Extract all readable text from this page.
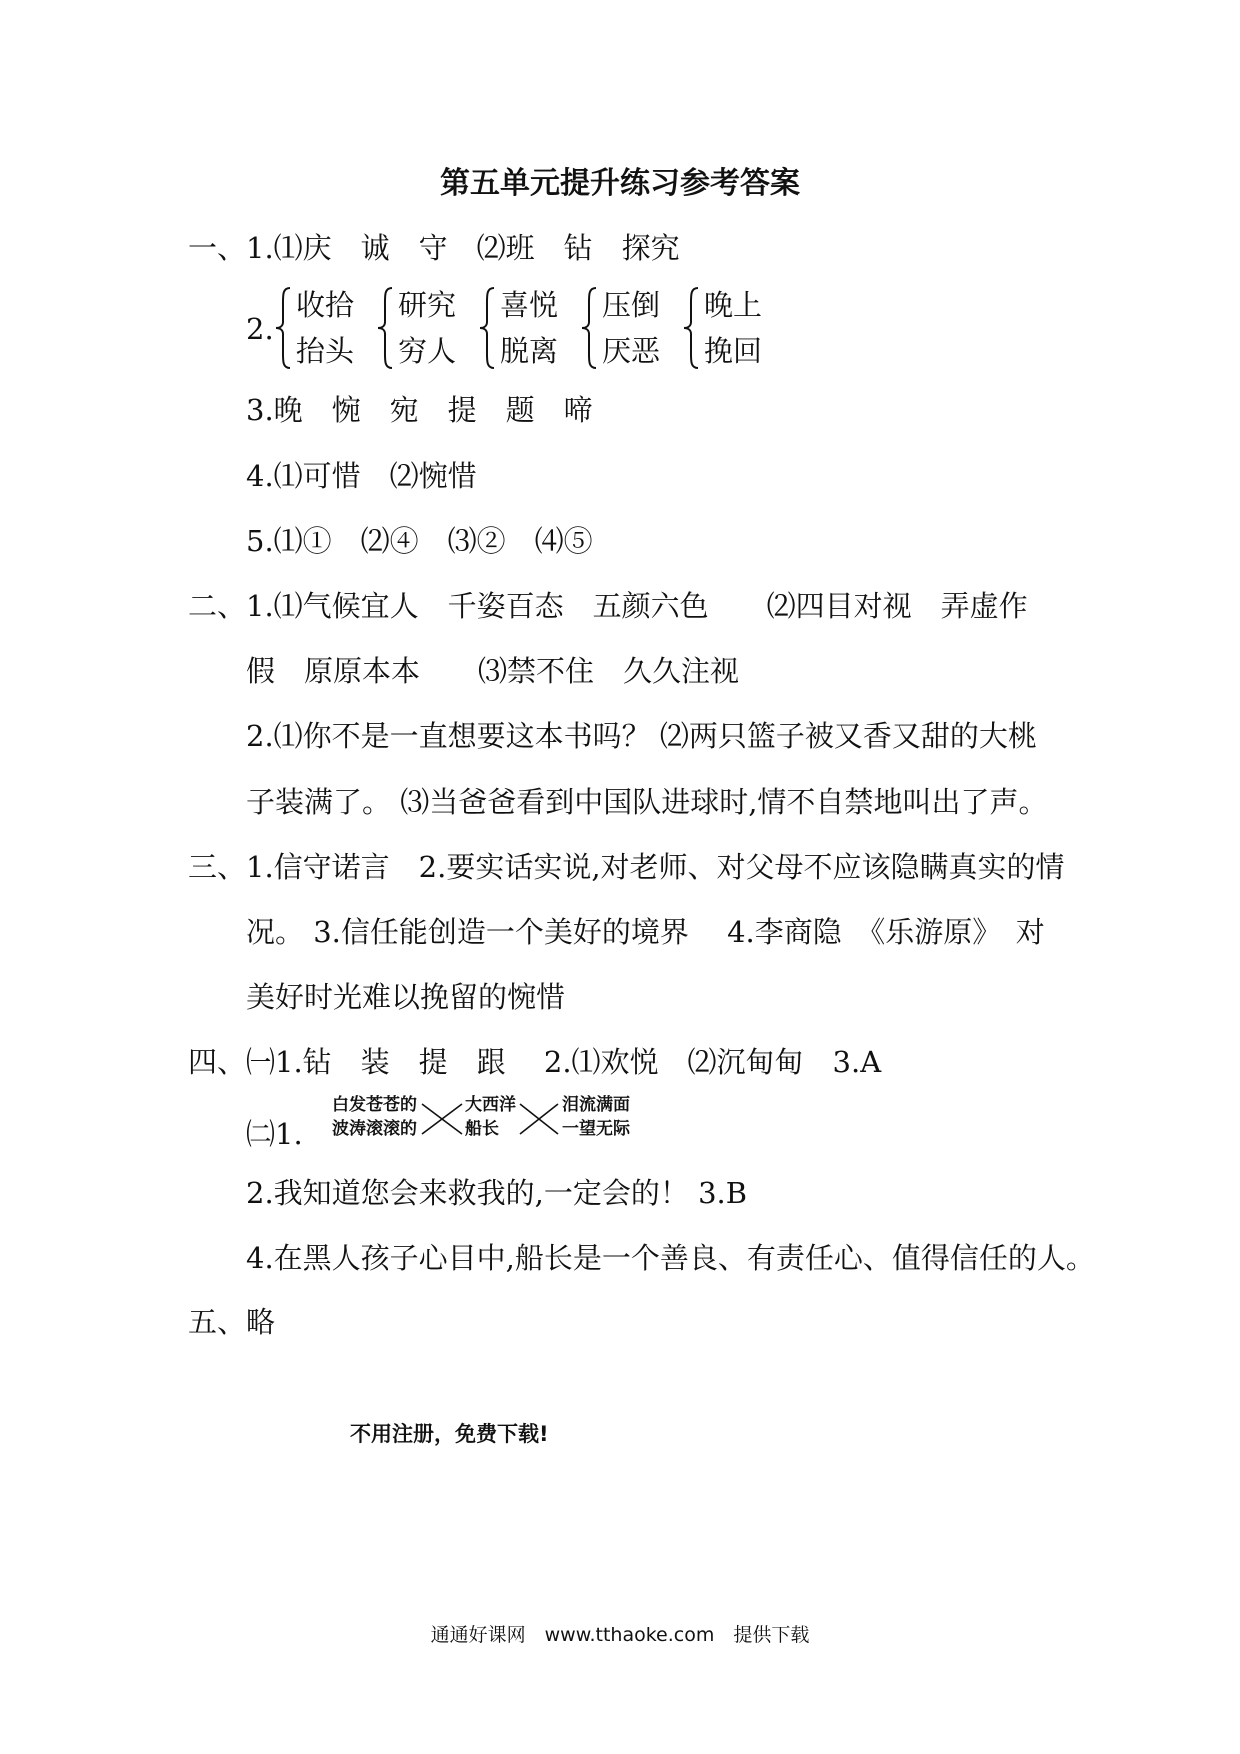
第五单元提升练习参考答案
一、1.⑴庆　诚　守　⑵班　钻　探究
2.
收拾
抬头
研究
穷人
喜悦
脱离
压倒
厌恶
晚上
挽回
3.晚　惋　宛　提　题　啼
4.⑴可惜　⑵惋惜
5.⑴①　⑵④　⑶②　⑷⑤
二、1.⑴气候宜人　千姿百态　五颜六色　　⑵四目对视　弄虚作
假　原原本本　　⑶禁不住　久久注视
2.⑴你不是一直想要这本书吗？ ⑵两只篮子被又香又甜的大桃
子装满了。 ⑶当爸爸看到中国队进球时,情不自禁地叫出了声。
三、1.信守诺言　2.要实话实说,对老师、对父母不应该隐瞒真实的情
况。 3.信任能创造一个美好的境界　 4.李商隐　《乐游原》　对
美好时光难以挽留的惋惜
四、㈠1.钻　装　提　跟　 2.⑴欢悦　⑵沉甸甸　3.A
㈡1.
白发苍苍的
波涛滚滚的
大西洋
船长
泪流满面
一望无际
2.我知道您会来救我的,一定会的！ 3.B
4.在黑人孩子心目中,船长是一个善良、有责任心、值得信任的人。
五、略
不用注册，免费下载!
通通好课网　www.tthaoke.com　提供下载
